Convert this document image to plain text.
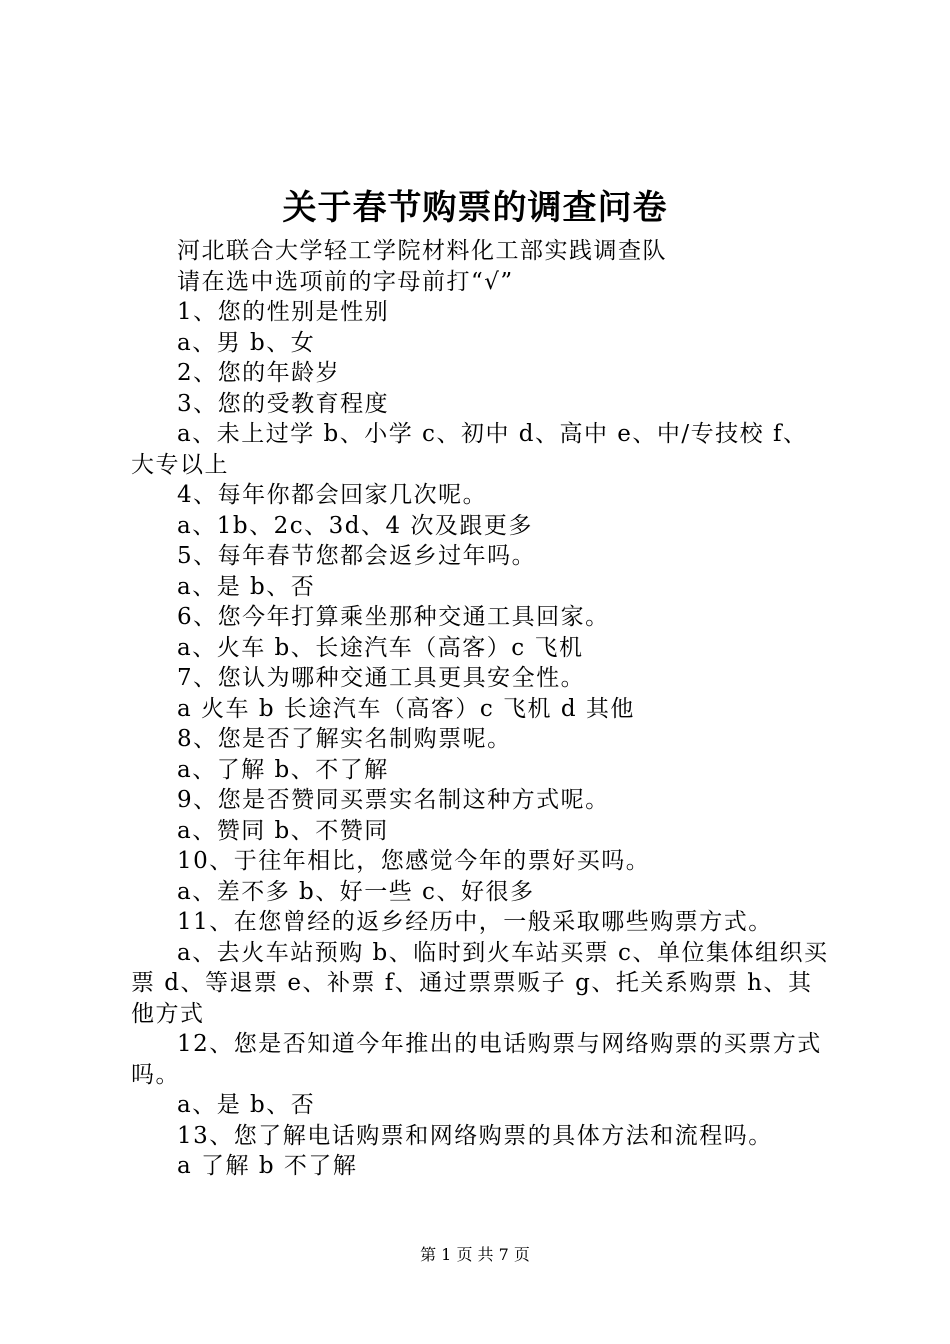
关于春节购票的调查问卷

河北联合大学轻工学院材料化工部实践调查队

请在选中选项前的字母前打“√”

1、您的性别是性别

a、男 b、女

2、您的年龄岁

3、您的受教育程度

a、未上过学 b、小学 c、初中 d、高中 e、中/专技校 f、大专以上

4、每年你都会回家几次呢。

a、1b、2c、3d、4 次及跟更多

5、每年春节您都会返乡过年吗。

a、是 b、否

6、您今年打算乘坐那种交通工具回家。

a、火车 b、长途汽车（高客）c 飞机

7、您认为哪种交通工具更具安全性。

a 火车 b 长途汽车（高客）c 飞机 d 其他

8、您是否了解实名制购票呢。

a、了解 b、不了解

9、您是否赞同买票实名制这种方式呢。

a、赞同 b、不赞同

10、于往年相比，您感觉今年的票好买吗。

a、差不多 b、好一些 c、好很多

11、在您曾经的返乡经历中，一般采取哪些购票方式。

a、去火车站预购 b、临时到火车站买票 c、单位集体组织买票 d、等退票 e、补票 f、通过票票贩子 g、托关系购票 h、其他方式

12、您是否知道今年推出的电话购票与网络购票的买票方式吗。

a、是 b、否

13、您了解电话购票和网络购票的具体方法和流程吗。

a 了解 b 不了解

第 1 页 共 7 页
